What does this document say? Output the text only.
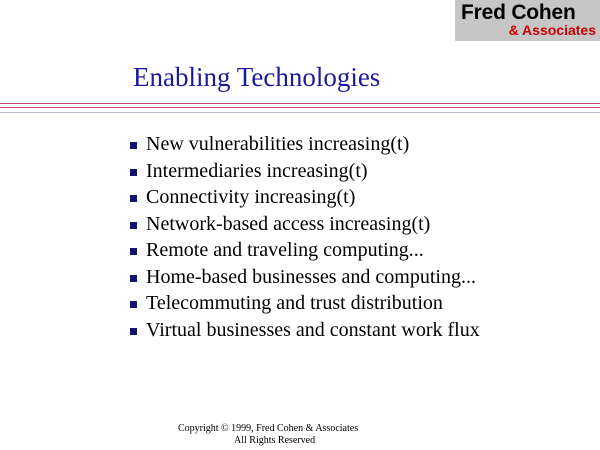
Fred Cohen
& Associates
Enabling Technologies
New vulnerabilities increasing(t)
Intermediaries increasing(t)
Connectivity increasing(t)
Network-based access increasing(t)
Remote and traveling computing...
Home-based businesses and computing...
Telecommuting and trust distribution
Virtual businesses and constant work flux
Copyright © 1999, Fred Cohen & Associates
All Rights Reserved
